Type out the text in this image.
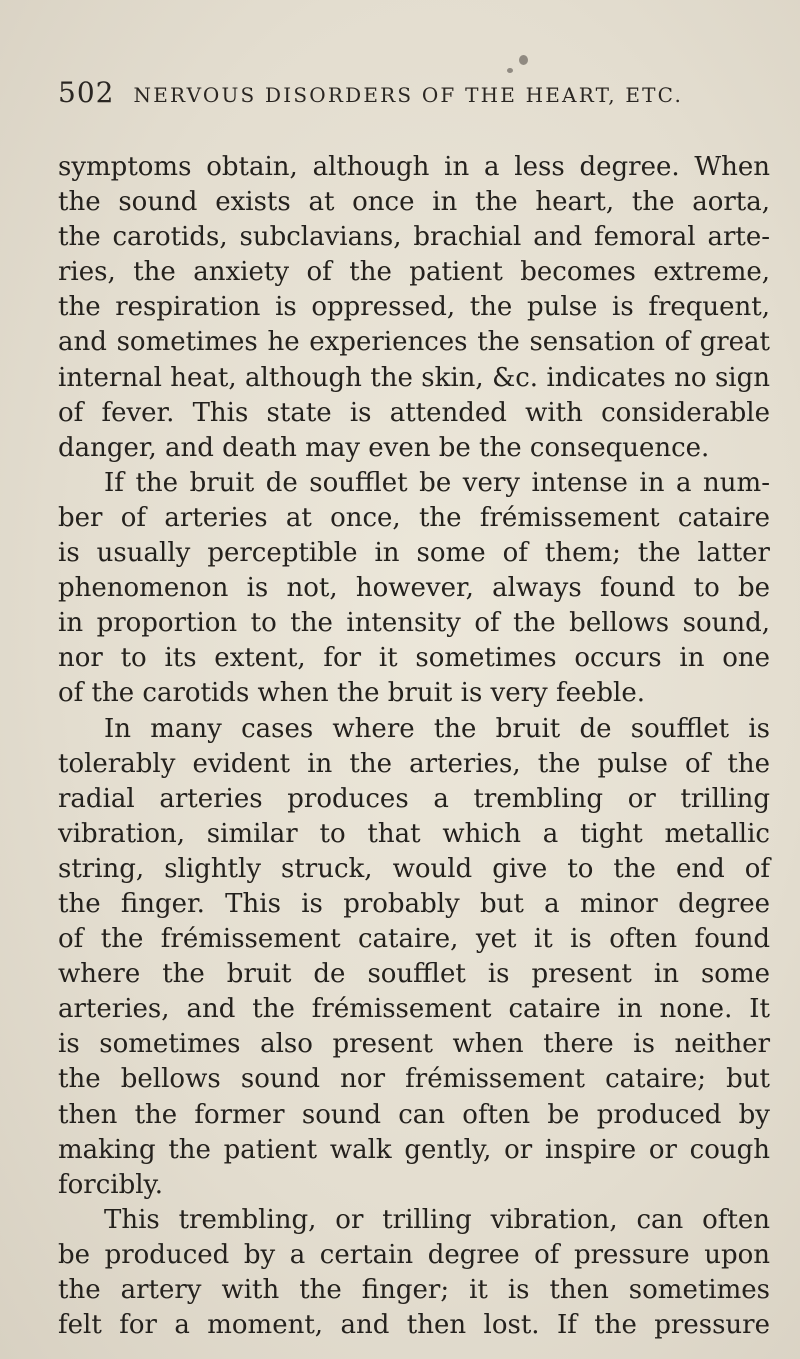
502 NERVOUS DISORDERS OF THE HEART, ETC.
symptoms obtain, although in a less degree. When
the sound exists at once in the heart, the aorta,
the carotids, subclavians, brachial and femoral arte-
ries, the anxiety of the patient becomes extreme,
the respiration is oppressed, the pulse is frequent,
and sometimes he experiences the sensation of great
internal heat, although the skin, &c. indicates no sign
of fever. This state is attended with considerable
danger, and death may even be the consequence.
If the bruit de soufflet be very intense in a num-
ber of arteries at once, the frémissement cataire
is usually perceptible in some of them; the latter
phenomenon is not, however, always found to be
in proportion to the intensity of the bellows sound,
nor to its extent, for it sometimes occurs in one
of the carotids when the bruit is very feeble.
In many cases where the bruit de soufflet is
tolerably evident in the arteries, the pulse of the
radial arteries produces a trembling or trilling
vibration, similar to that which a tight metallic
string, slightly struck, would give to the end of
the finger. This is probably but a minor degree
of the frémissement cataire, yet it is often found
where the bruit de soufflet is present in some
arteries, and the frémissement cataire in none. It
is sometimes also present when there is neither
the bellows sound nor frémissement cataire; but
then the former sound can often be produced by
making the patient walk gently, or inspire or cough
forcibly.
This trembling, or trilling vibration, can often
be produced by a certain degree of pressure upon
the artery with the finger; it is then sometimes
felt for a moment, and then lost. If the pressure
